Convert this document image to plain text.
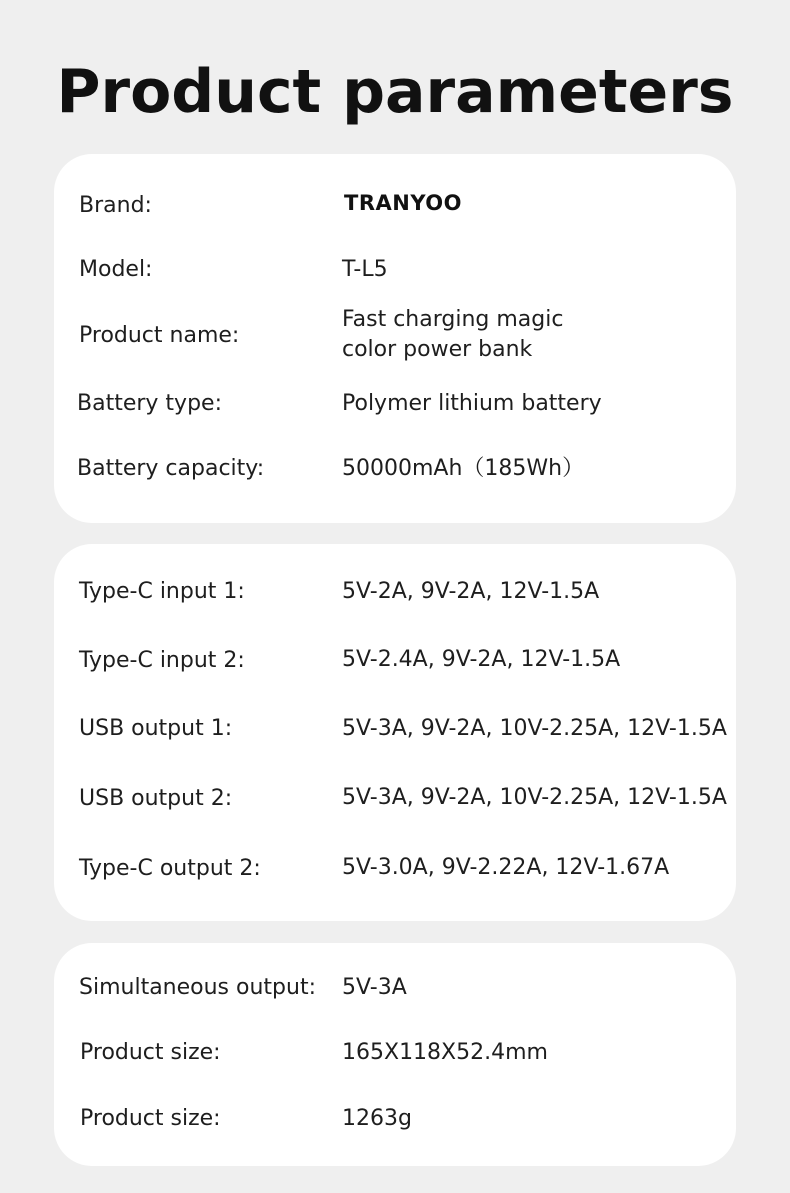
Product parameters
Brand:	TRANYOO
Model:	T-L5
Product name:
Fast charging magic
color power bank
Battery type:	Polymer lithium battery
Battery capacity:	50000mAh（185Wh）
Type-C input 1:	5V-2A, 9V-2A, 12V-1.5A
Type-C input 2:	5V-2.4A, 9V-2A, 12V-1.5A
USB output 1:	5V-3A, 9V-2A, 10V-2.25A, 12V-1.5A
USB output 2:	5V-3A, 9V-2A, 10V-2.25A, 12V-1.5A
Type-C output 2:	5V-3.0A, 9V-2.22A, 12V-1.67A
Simultaneous output: 5V-3A
Product size:	165X118X52.4mm
Product size:	1263g
